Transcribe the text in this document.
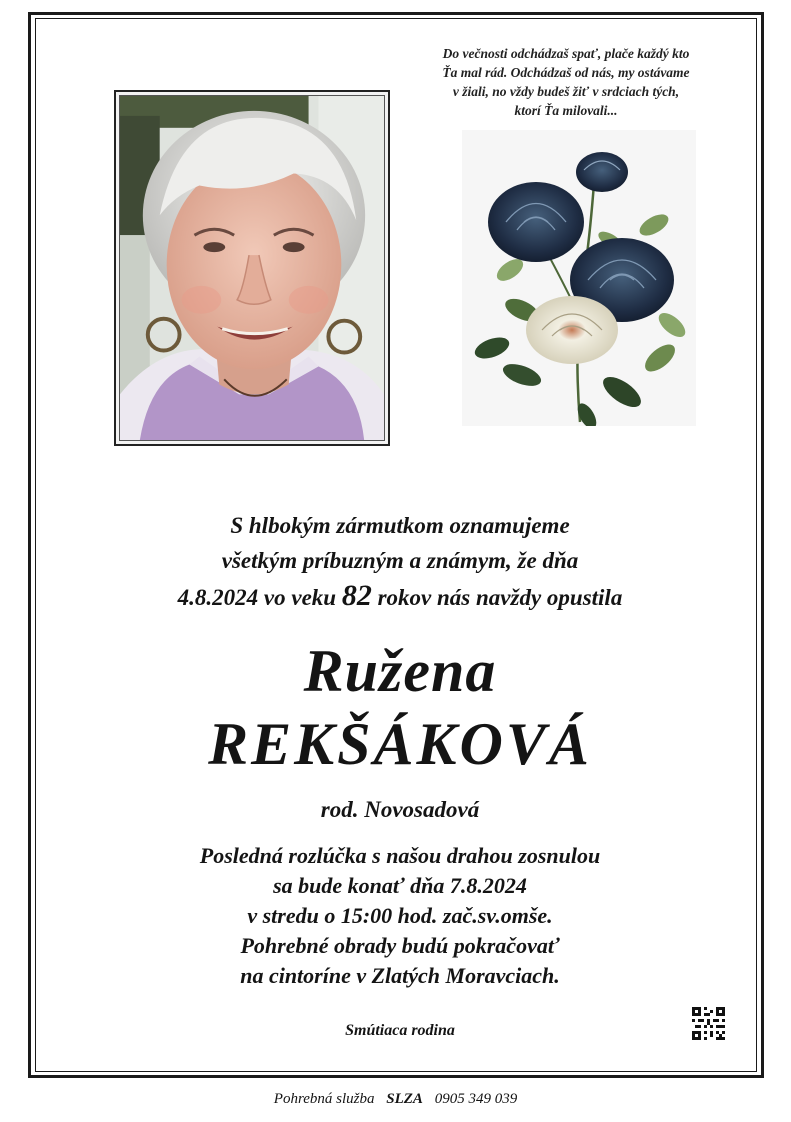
Do večnosti odchádzaš spať, plače každý kto
Ťa mal rád. Odchádzaš od nás, my ostávame
v žiali, no vždy budeš žiť v srdciach tých,
ktorí Ťa milovali...
S hlbokým zármutkom oznamujeme
všetkým príbuzným a známym, že dňa
4.8.2024 vo veku 82 rokov nás navždy opustila
Ružena
REKŠÁKOVÁ
rod. Novosadová
Posledná rozlúčka s našou drahou zosnulou
sa bude konať dňa 7.8.2024
v stredu o 15:00 hod. zač.sv.omše.
Pohrebné obrady budú pokračovať
na cintoríne v Zlatých Moravciach.
Smútiaca rodina
Pohrebná služba SLZA 0905 349 039
